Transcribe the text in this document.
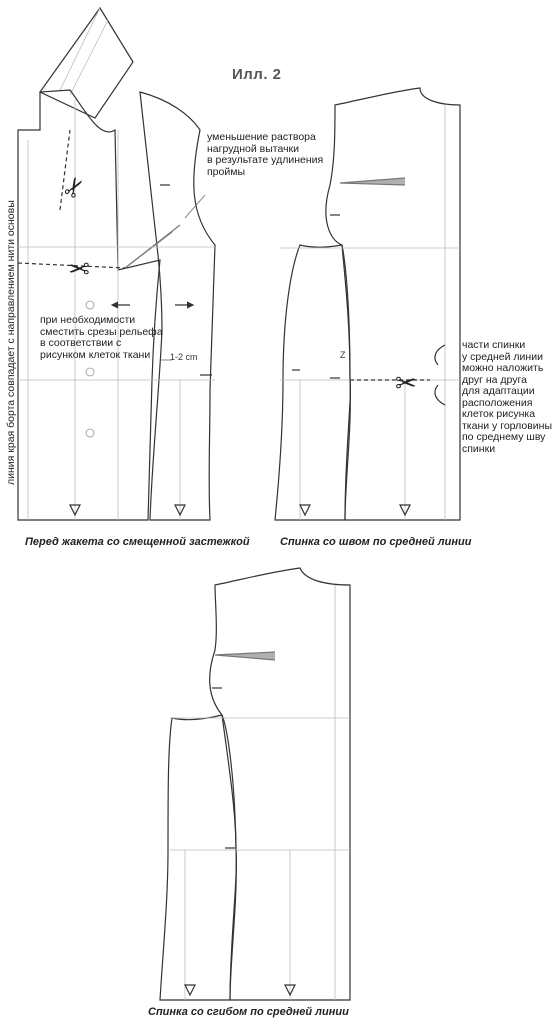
✂
✂
✂
Илл. 2
уменьшение раствора
нагрудной вытачки
в результате удлинения
проймы
при необходимости
сместить срезы рельефа
в соответствии с
рисунком клеток ткани
части спинки
у средней линии
можно наложить
друг на друга
для адаптации
расположения
клеток рисунка
ткани у горловины
по среднему шву
спинки
1-2 cm	Z
линия края борта совпадает с направлением нити основы
Перед жакета со смещенной застежкой	Спинка со швом по средней линии
Спинка со сгибом по средней линии
